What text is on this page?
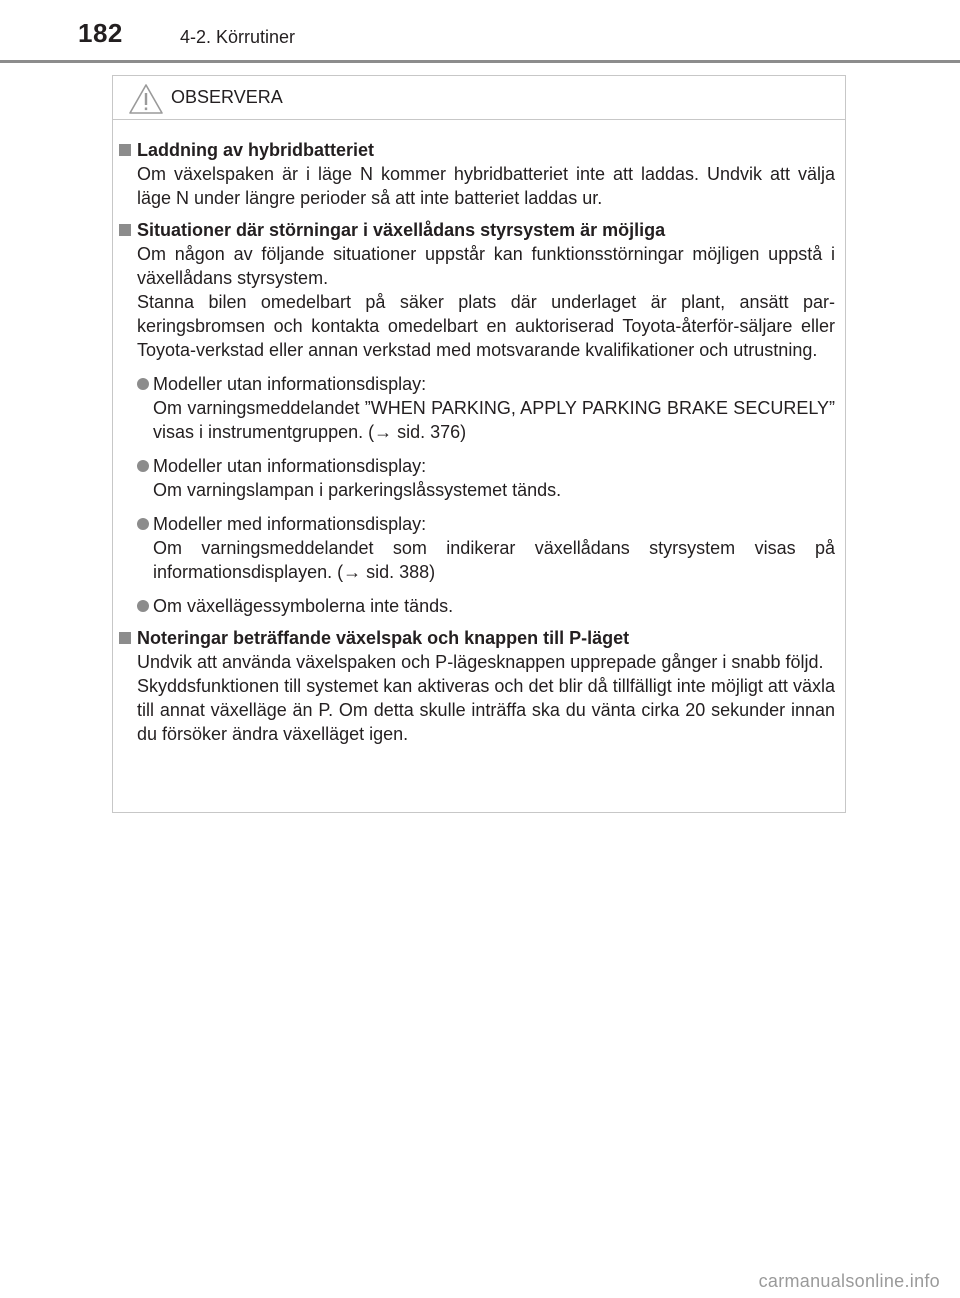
182	4-2. Körrutiner
OBSERVERA
Laddning av hybridbatteriet
Om växelspaken är i läge N kommer hybridbatteriet inte att laddas. Undvik att välja läge N under längre perioder så att inte batteriet laddas ur.
Situationer där störningar i växellådans styrsystem är möjliga
Om någon av följande situationer uppstår kan funktionsstörningar möjligen uppstå i växellådans styrsystem.
Stanna bilen omedelbart på säker plats där underlaget är plant, ansätt par-keringsbromsen och kontakta omedelbart en auktoriserad Toyota-återför-säljare eller Toyota-verkstad eller annan verkstad med motsvarande kvalifikationer och utrustning.
Modeller utan informationsdisplay:
Om varningsmeddelandet ”WHEN PARKING, APPLY PARKING BRAKE SECURELY” visas i instrumentgruppen. (→ sid. 376)
Modeller utan informationsdisplay:
Om varningslampan i parkeringslåssystemet tänds.
Modeller med informationsdisplay:
Om varningsmeddelandet som indikerar växellådans styrsystem visas på informationsdisplayen. (→ sid. 388)
Om växellägessymbolerna inte tänds.
Noteringar beträffande växelspak och knappen till P-läget
Undvik att använda växelspaken och P-lägesknappen upprepade gånger i snabb följd.
Skyddsfunktionen till systemet kan aktiveras och det blir då tillfälligt inte möjligt att växla till annat växelläge än P. Om detta skulle inträffa ska du vänta cirka 20 sekunder innan du försöker ändra växelläget igen.
carmanualsonline.info
